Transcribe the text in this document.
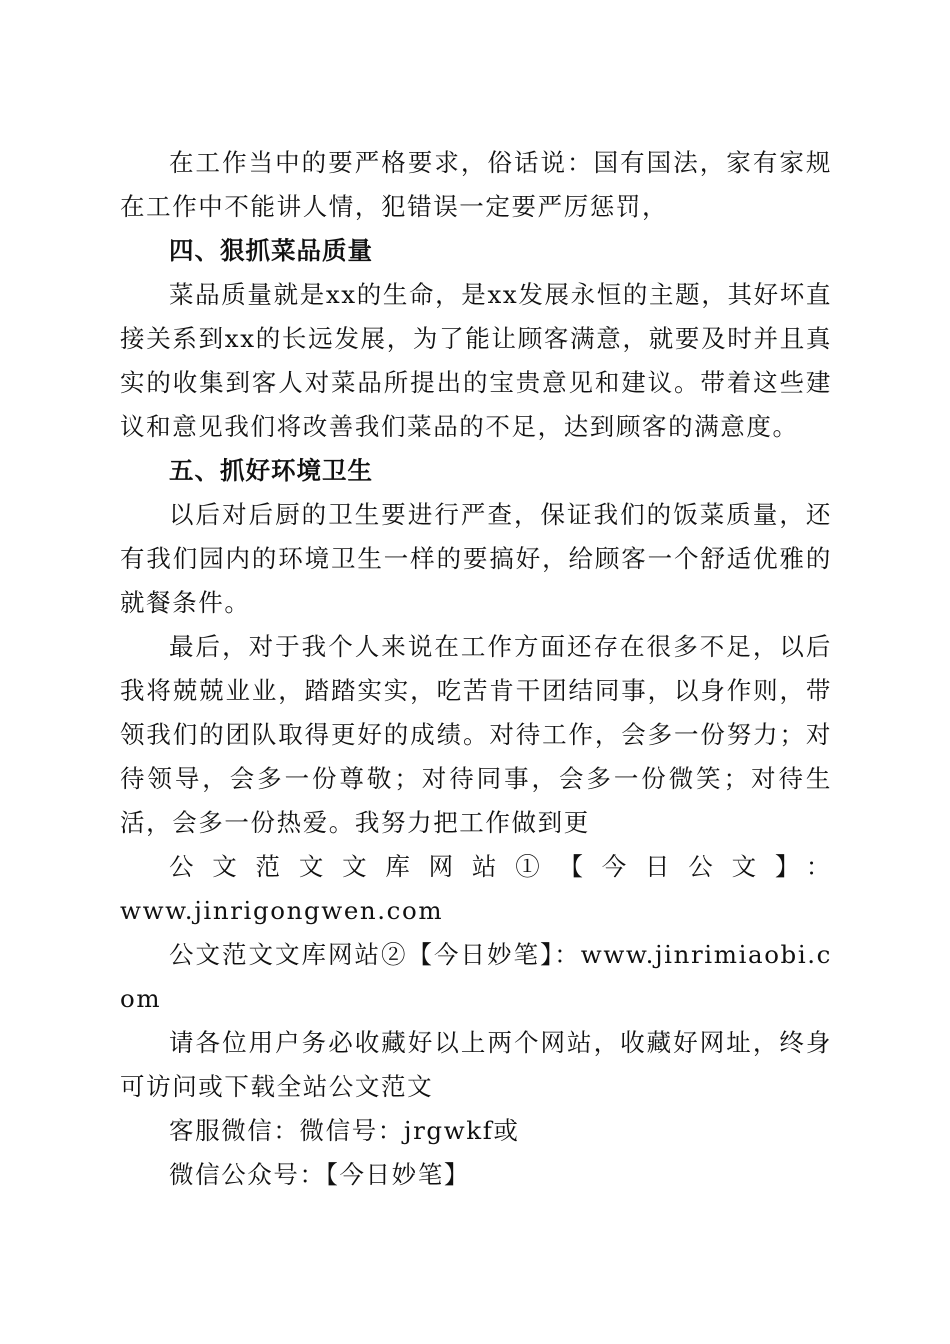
在工作当中的要严格要求，俗话说：国有国法，家有家规在工作中不能讲人情，犯错误一定要严厉惩罚，

四、狠抓菜品质量

菜品质量就是xx的生命，是xx发展永恒的主题，其好坏直接关系到xx的长远发展，为了能让顾客满意，就要及时并且真实的收集到客人对菜品所提出的宝贵意见和建议。带着这些建议和意见我们将改善我们菜品的不足，达到顾客的满意度。

五、抓好环境卫生

以后对后厨的卫生要进行严查，保证我们的饭菜质量，还有我们园内的环境卫生一样的要搞好，给顾客一个舒适优雅的就餐条件。

最后，对于我个人来说在工作方面还存在很多不足，以后我将兢兢业业，踏踏实实，吃苦肯干团结同事，以身作则，带领我们的团队取得更好的成绩。对待工作，会多一份努力；对待领导，会多一份尊敬；对待同事，会多一份微笑；对待生活，会多一份热爱。我努力把工作做到更

公文范文文库网站①【今日公文】：
www.jinrigongwen.com

公文范文文库网站②【今日妙笔】：www.jinrimiaobi.com

请各位用户务必收藏好以上两个网站，收藏好网址，终身可访问或下载全站公文范文

客服微信：微信号：jrgwkf或

微信公众号：【今日妙笔】
